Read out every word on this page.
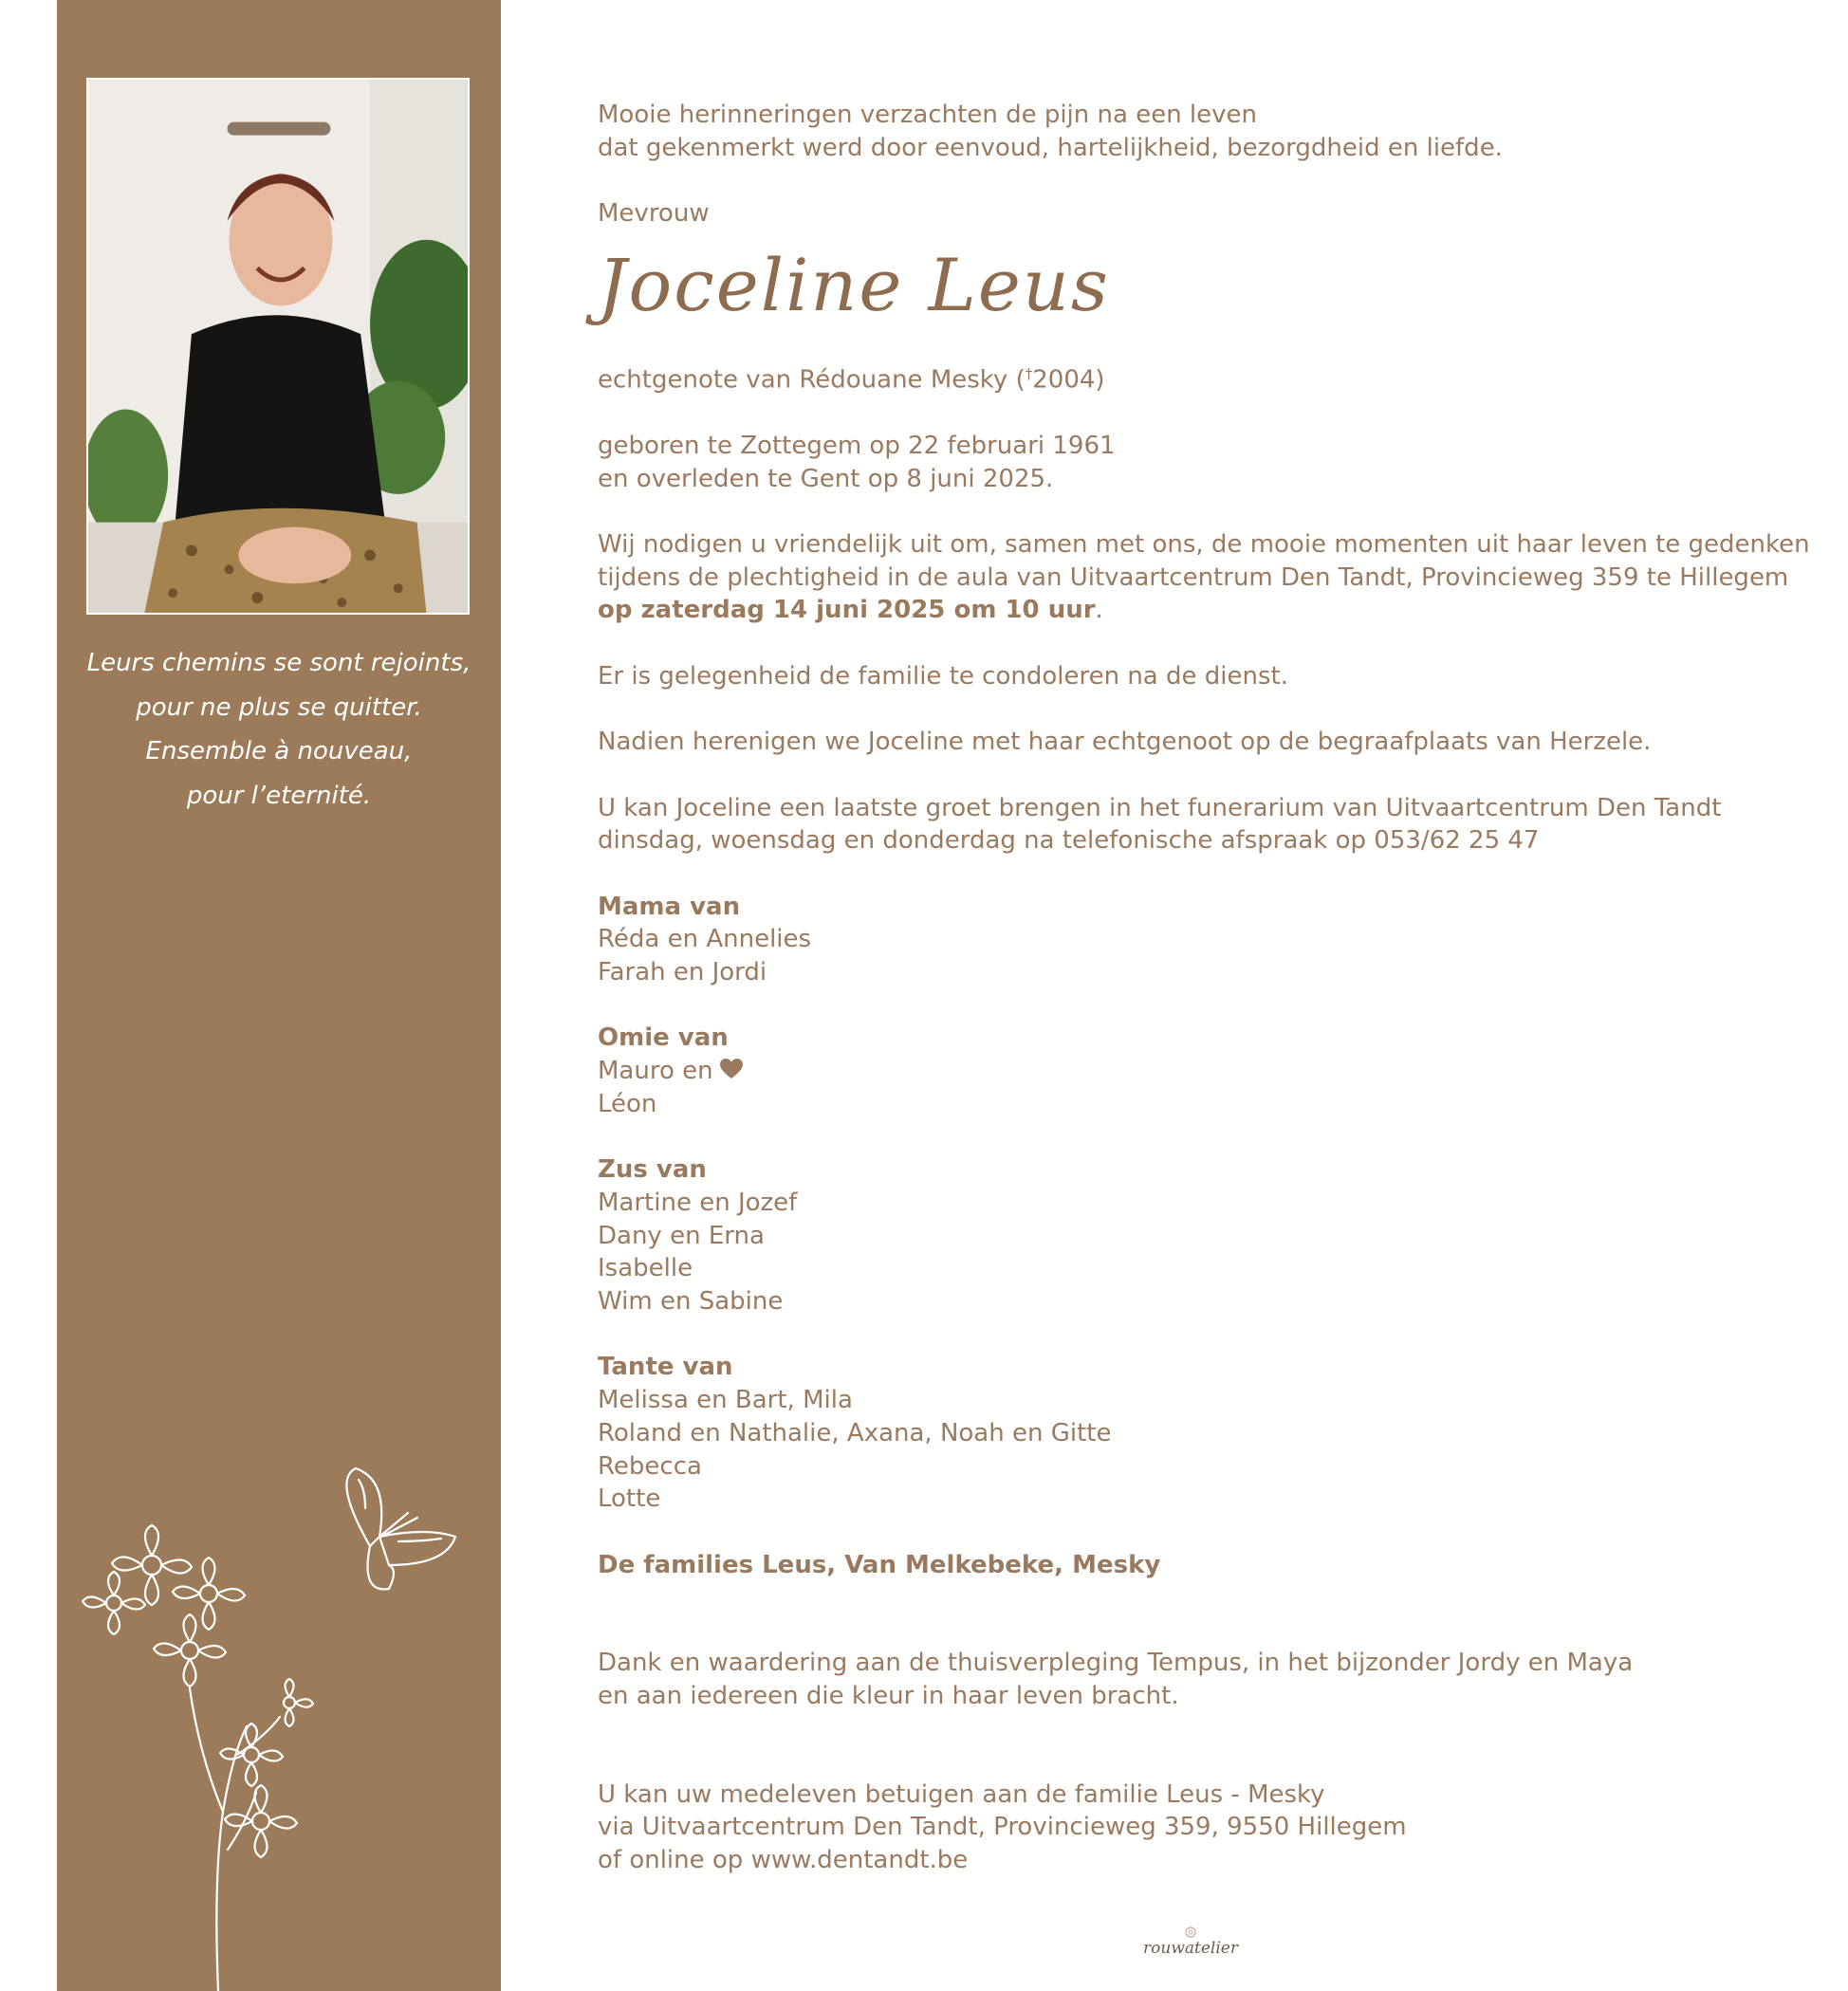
Leurs chemins se sont rejoints,
pour ne plus se quitter.
Ensemble à nouveau,
pour l’eternité.
Mooie herinneringen verzachten de pijn na een leven
dat gekenmerkt werd door eenvoud, hartelijkheid, bezorgdheid en liefde.
Mevrouw
Joceline Leus
echtgenote van Rédouane Mesky (†2004)
geboren te Zottegem op 22 februari 1961
en overleden te Gent op 8 juni 2025.
Wij nodigen u vriendelijk uit om, samen met ons, de mooie momenten uit haar leven te gedenken
tijdens de plechtigheid in de aula van Uitvaartcentrum Den Tandt, Provincieweg 359 te Hillegem
op zaterdag 14 juni 2025 om 10 uur.
Er is gelegenheid de familie te condoleren na de dienst.
Nadien herenigen we Joceline met haar echtgenoot op de begraafplaats van Herzele.
U kan Joceline een laatste groet brengen in het funerarium van Uitvaartcentrum Den Tandt
dinsdag, woensdag en donderdag na telefonische afspraak op 053/62 25 47
Mama van
Réda en Annelies
Farah en Jordi
Omie van
Mauro en
Léon
Zus van
Martine en Jozef
Dany en Erna
Isabelle
Wim en Sabine
Tante van
Melissa en Bart, Mila
Roland en Nathalie, Axana, Noah en Gitte
Rebecca
Lotte
De families Leus, Van Melkebeke, Mesky
Dank en waardering aan de thuisverpleging Tempus, in het bijzonder Jordy en Maya
en aan iedereen die kleur in haar leven bracht.
U kan uw medeleven betuigen aan de familie Leus - Mesky
via Uitvaartcentrum Den Tandt, Provincieweg 359, 9550 Hillegem
of online op www.dentandt.be
rouwatelier
